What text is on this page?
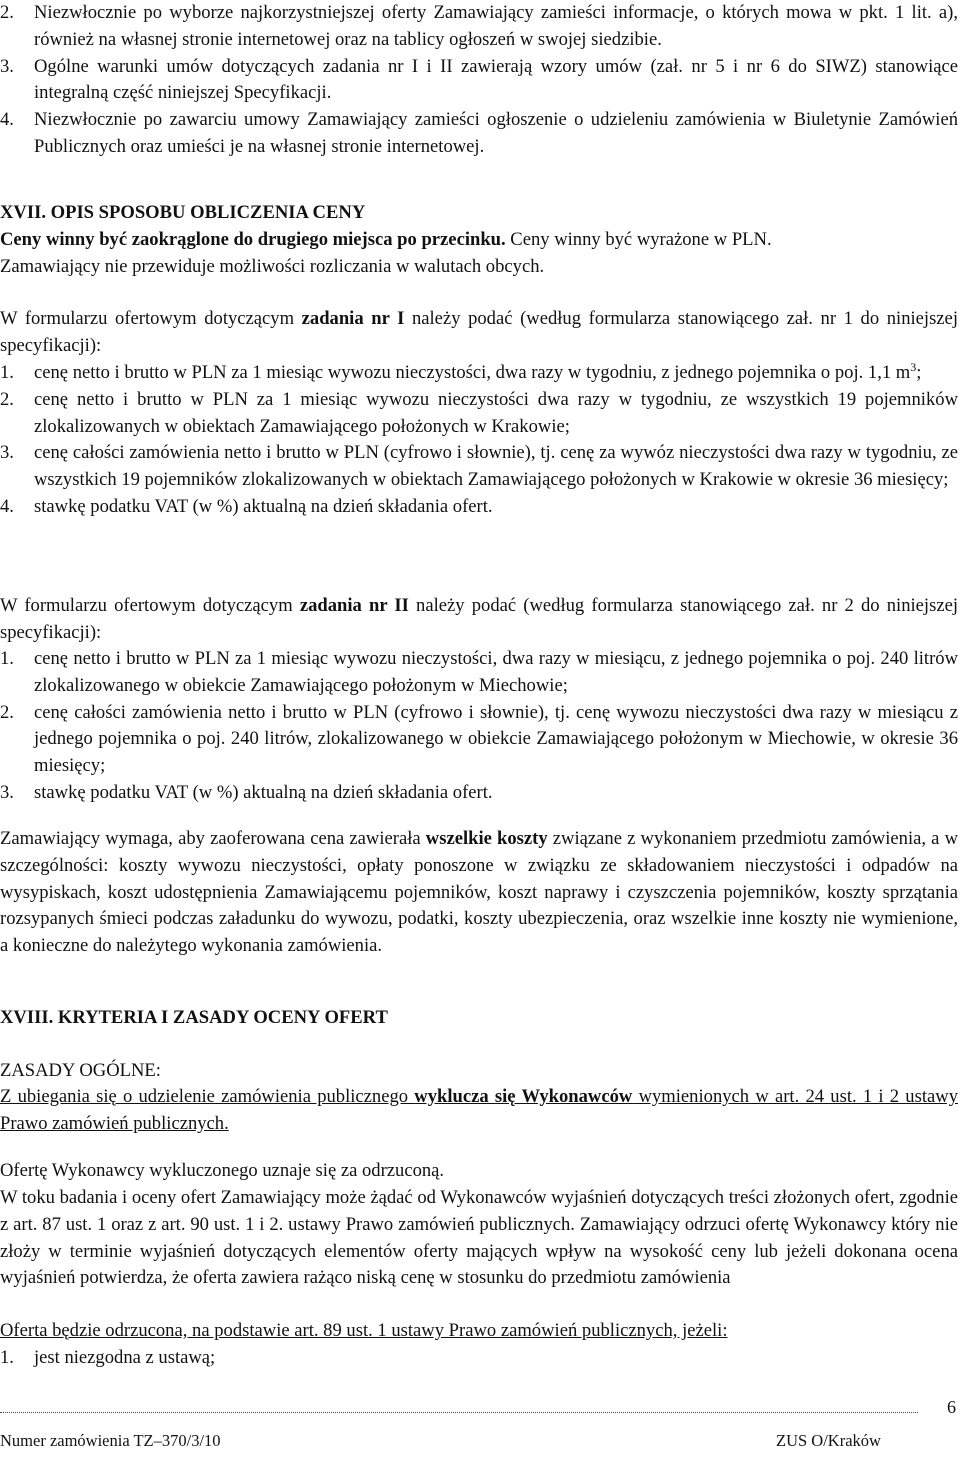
2.	Niezwłocznie po wyborze najkorzystniejszej oferty Zamawiający zamieści informacje, o których mowa w pkt. 1 lit. a), również na własnej stronie internetowej oraz na tablicy ogłoszeń w swojej siedzibie.
3.	Ogólne warunki umów dotyczących zadania nr I i II zawierają wzory umów (zał. nr 5 i nr 6 do SIWZ) stanowiące integralną część niniejszej Specyfikacji.
4.	Niezwłocznie po zawarciu umowy Zamawiający zamieści ogłoszenie o udzieleniu zamówienia w Biuletynie Zamówień Publicznych oraz umieści je na własnej stronie internetowej.
XVII. OPIS SPOSOBU OBLICZENIA CENY
Ceny winny być zaokrąglone do drugiego miejsca po przecinku. Ceny winny być wyrażone w PLN.
Zamawiający nie przewiduje możliwości rozliczania w walutach obcych.
W formularzu ofertowym dotyczącym zadania nr I należy podać (według formularza stanowiącego zał. nr 1 do niniejszej specyfikacji):
1.	cenę netto i brutto w PLN za 1 miesiąc wywozu nieczystości, dwa razy w tygodniu, z jednego pojemnika o poj. 1,1 $m^3$;
2.	cenę netto i brutto w PLN za 1 miesiąc wywozu nieczystości dwa razy w tygodniu, ze wszystkich 19 pojemników zlokalizowanych w obiektach Zamawiającego położonych w Krakowie;
3.	cenę całości zamówienia netto i brutto w PLN (cyfrowo i słownie), tj. cenę za wywóz nieczystości dwa razy w tygodniu, ze wszystkich 19 pojemników zlokalizowanych w obiektach Zamawiającego położonych w Krakowie w okresie 36 miesięcy;
4.	stawkę podatku VAT (w %) aktualną na dzień składania ofert.
W formularzu ofertowym dotyczącym zadania nr II należy podać (według formularza stanowiącego zał. nr 2 do niniejszej specyfikacji):
1.	cenę netto i brutto w PLN za 1 miesiąc wywozu nieczystości, dwa razy w miesiącu, z jednego pojemnika o poj. 240 litrów zlokalizowanego w obiekcie Zamawiającego położonym w Miechowie;
2.	cenę całości zamówienia netto i brutto w PLN (cyfrowo i słownie), tj. cenę wywozu nieczystości dwa razy w miesiącu z jednego pojemnika o poj. 240 litrów, zlokalizowanego w obiekcie Zamawiającego położonym w Miechowie, w okresie 36 miesięcy;
3.	stawkę podatku VAT (w %) aktualną na dzień składania ofert.
Zamawiający wymaga, aby zaoferowana cena zawierała wszelkie koszty związane z wykonaniem przedmiotu zamówienia, a w szczególności: koszty wywozu nieczystości, opłaty ponoszone w związku ze składowaniem nieczystości i odpadów na wysypiskach, koszt udostępnienia Zamawiającemu pojemników, koszt naprawy i czyszczenia pojemników, koszty sprzątania rozsypanych śmieci podczas załadunku do wywozu, podatki, koszty ubezpieczenia, oraz wszelkie inne koszty nie wymienione, a konieczne do należytego wykonania zamówienia.
XVIII. KRYTERIA I ZASADY OCENY OFERT
ZASADY OGÓLNE:
Z ubiegania się o udzielenie zamówienia publicznego wyklucza się Wykonawców wymienionych w art. 24 ust. 1 i 2 ustawy Prawo zamówień publicznych.
Ofertę Wykonawcy wykluczonego uznaje się za odrzuconą.
W toku badania i oceny ofert Zamawiający może żądać od Wykonawców wyjaśnień dotyczących treści złożonych ofert, zgodnie z art. 87 ust. 1 oraz z art. 90 ust. 1 i 2. ustawy Prawo zamówień publicznych. Zamawiający odrzuci ofertę Wykonawcy który nie złoży w terminie wyjaśnień dotyczących elementów oferty mających wpływ na wysokość ceny lub jeżeli dokonana ocena wyjaśnień potwierdza, że oferta zawiera rażąco niską cenę w stosunku do przedmiotu zamówienia
Oferta będzie odrzucona, na podstawie art. 89 ust. 1 ustawy Prawo zamówień publicznych, jeżeli:
1.	jest niezgodna z ustawą;
6
Numer zamówienia TZ–370/3/10	ZUS O/Kraków
